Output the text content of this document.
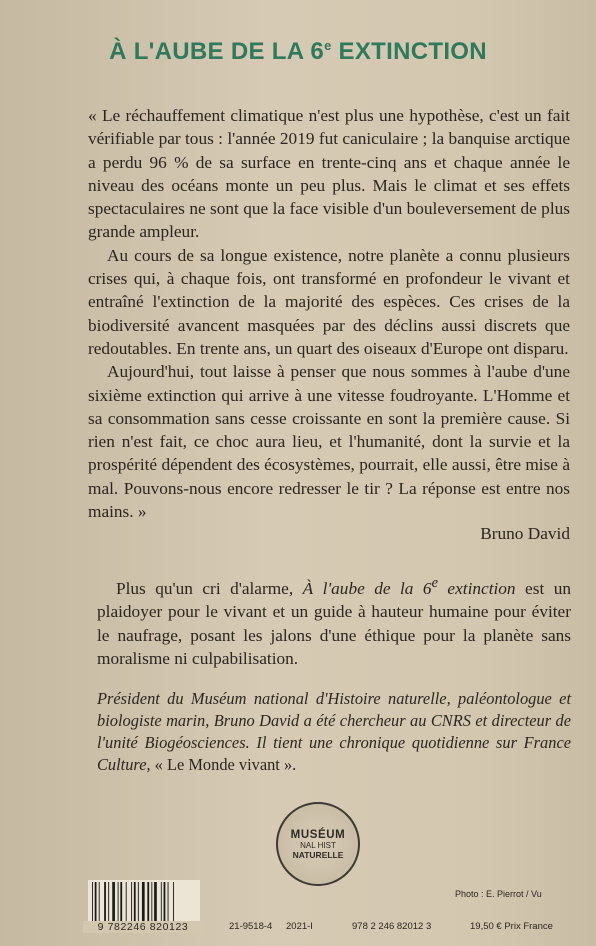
À L'AUBE DE LA 6e EXTINCTION

« Le réchauffement climatique n'est plus une hypothèse, c'est un fait vérifiable par tous : l'année 2019 fut caniculaire ; la banquise arctique a perdu 96 % de sa surface en trente-cinq ans et chaque année le niveau des océans monte un peu plus. Mais le climat et ses effets spectaculaires ne sont que la face visible d'un bouleversement de plus grande ampleur.

Au cours de sa longue existence, notre planète a connu plusieurs crises qui, à chaque fois, ont transformé en profondeur le vivant et entraîné l'extinction de la majorité des espèces. Ces crises de la biodiversité avancent masquées par des déclins aussi discrets que redoutables. En trente ans, un quart des oiseaux d'Europe ont disparu.

Aujourd'hui, tout laisse à penser que nous sommes à l'aube d'une sixième extinction qui arrive à une vitesse foudroyante. L'Homme et sa consommation sans cesse croissante en sont la première cause. Si rien n'est fait, ce choc aura lieu, et l'humanité, dont la survie et la prospérité dépendent des écosystèmes, pourrait, elle aussi, être mise à mal. Pouvons-nous encore redresser le tir ? La réponse est entre nos mains. »

Bruno David

Plus qu'un cri d'alarme, À l'aube de la 6e extinction est un plaidoyer pour le vivant et un guide à hauteur humaine pour éviter le naufrage, posant les jalons d'une éthique pour la planète sans moralisme ni culpabilisation.

Président du Muséum national d'Histoire naturelle, paléontologue et biologiste marin, Bruno David a été chercheur au CNRS et directeur de l'unité Biogéosciences. Il tient une chronique quotidienne sur France Culture, « Le Monde vivant ».
MUSÉUM
NAL HIST
NATURELLE
9 782246 820123
Photo : E. Pierrot / Vu
21-9518-4 2021-I	978 2 246 82012 3	19,50 € Prix France
